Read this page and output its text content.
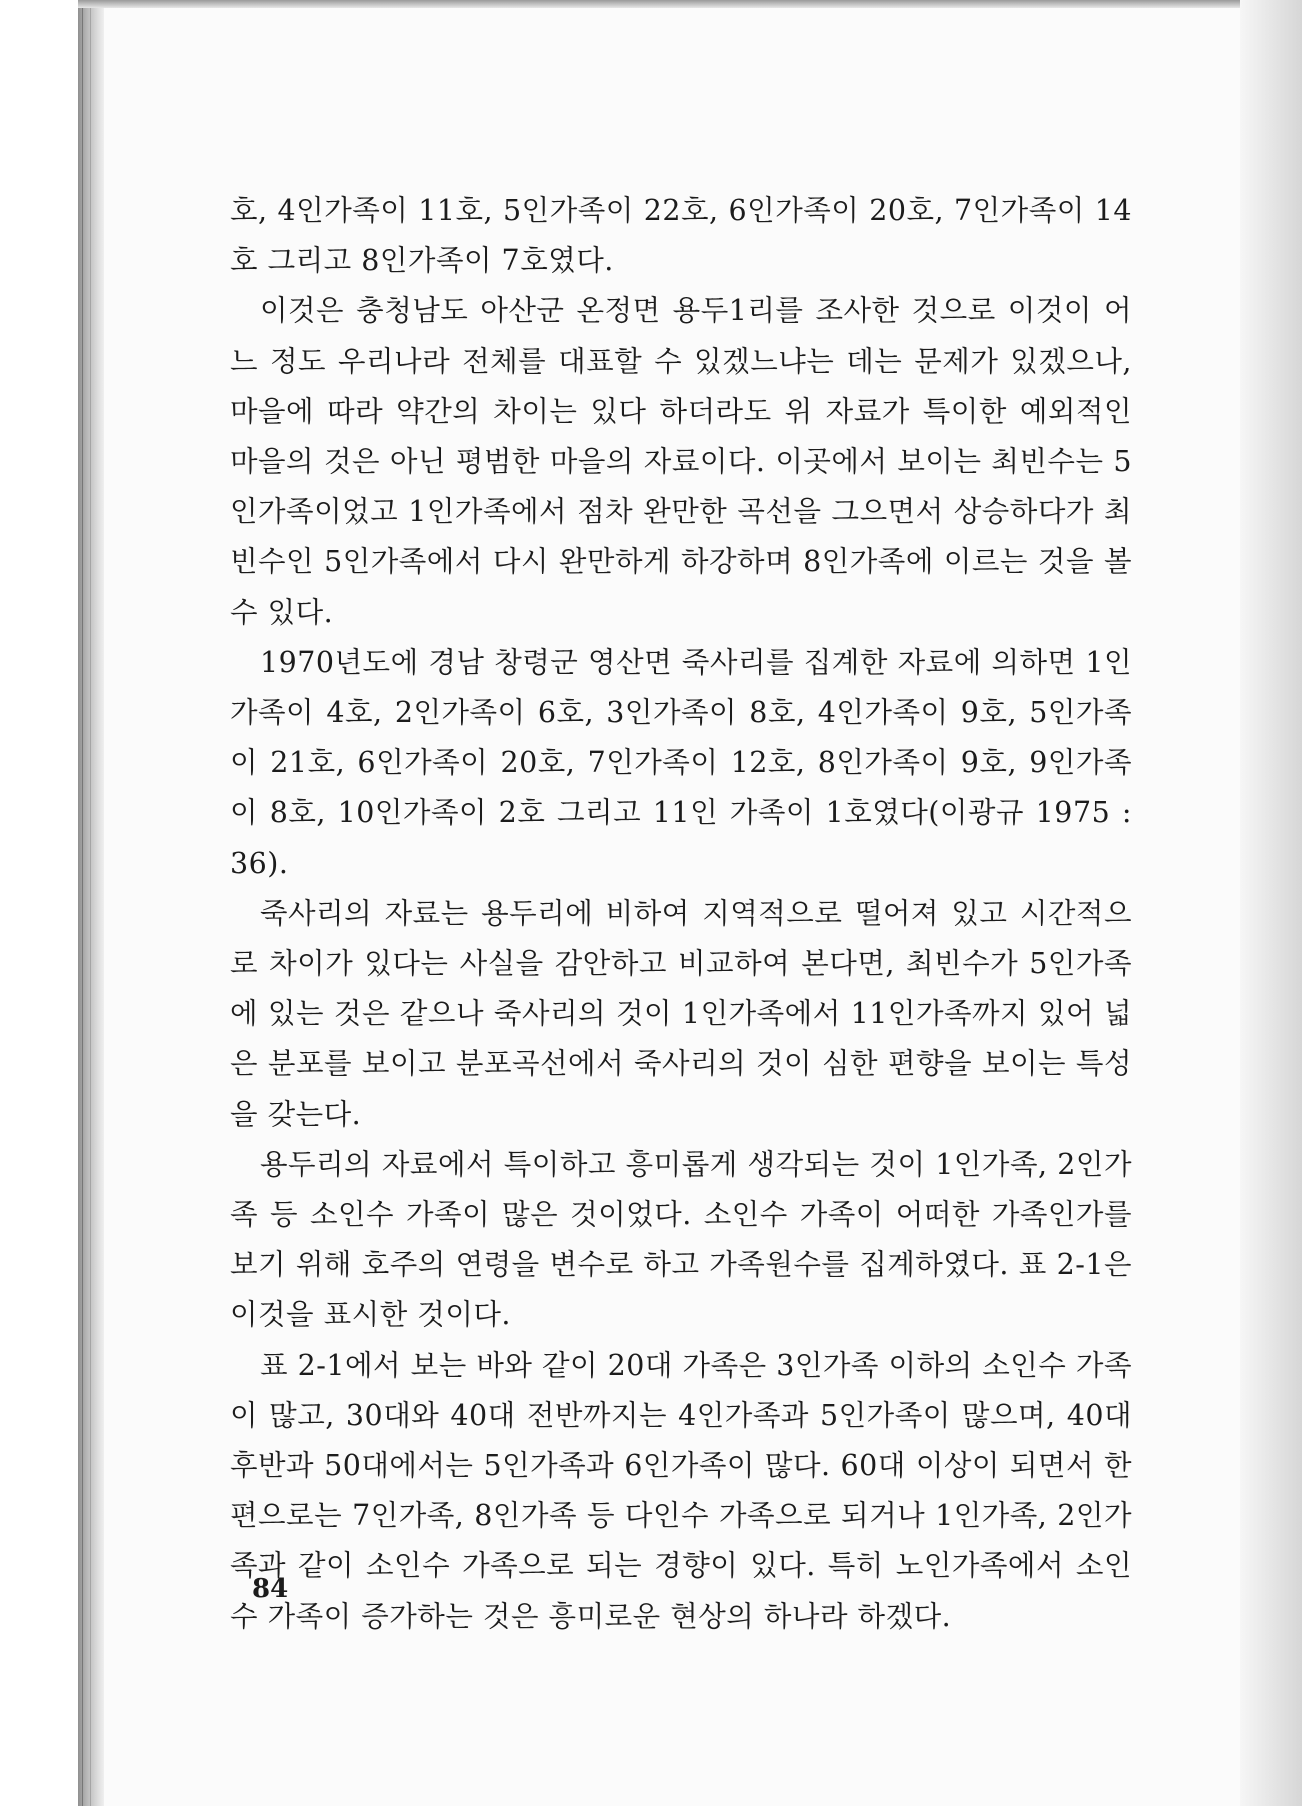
호, 4인가족이 11호, 5인가족이 22호, 6인가족이 20호, 7인가족이 14호 그리고 8인가족이 7호였다.

이것은 충청남도 아산군 온정면 용두1리를 조사한 것으로 이것이 어느 정도 우리나라 전체를 대표할 수 있겠느냐는 데는 문제가 있겠으나, 마을에 따라 약간의 차이는 있다 하더라도 위 자료가 특이한 예외적인 마을의 것은 아닌 평범한 마을의 자료이다. 이곳에서 보이는 최빈수는 5인가족이었고 1인가족에서 점차 완만한 곡선을 그으면서 상승하다가 최빈수인 5인가족에서 다시 완만하게 하강하며 8인가족에 이르는 것을 볼 수 있다.

1970년도에 경남 창령군 영산면 죽사리를 집계한 자료에 의하면 1인가족이 4호, 2인가족이 6호, 3인가족이 8호, 4인가족이 9호, 5인가족이 21호, 6인가족이 20호, 7인가족이 12호, 8인가족이 9호, 9인가족이 8호, 10인가족이 2호 그리고 11인 가족이 1호였다(이광규 1975 : 36).

죽사리의 자료는 용두리에 비하여 지역적으로 떨어져 있고 시간적으로 차이가 있다는 사실을 감안하고 비교하여 본다면, 최빈수가 5인가족에 있는 것은 같으나 죽사리의 것이 1인가족에서 11인가족까지 있어 넓은 분포를 보이고 분포곡선에서 죽사리의 것이 심한 편향을 보이는 특성을 갖는다.

용두리의 자료에서 특이하고 흥미롭게 생각되는 것이 1인가족, 2인가족 등 소인수 가족이 많은 것이었다. 소인수 가족이 어떠한 가족인가를 보기 위해 호주의 연령을 변수로 하고 가족원수를 집계하였다. 표 2-1은 이것을 표시한 것이다.

표 2-1에서 보는 바와 같이 20대 가족은 3인가족 이하의 소인수 가족이 많고, 30대와 40대 전반까지는 4인가족과 5인가족이 많으며, 40대 후반과 50대에서는 5인가족과 6인가족이 많다. 60대 이상이 되면서 한편으로는 7인가족, 8인가족 등 다인수 가족으로 되거나 1인가족, 2인가족과 같이 소인수 가족으로 되는 경향이 있다. 특히 노인가족에서 소인수 가족이 증가하는 것은 흥미로운 현상의 하나라 하겠다.

84
